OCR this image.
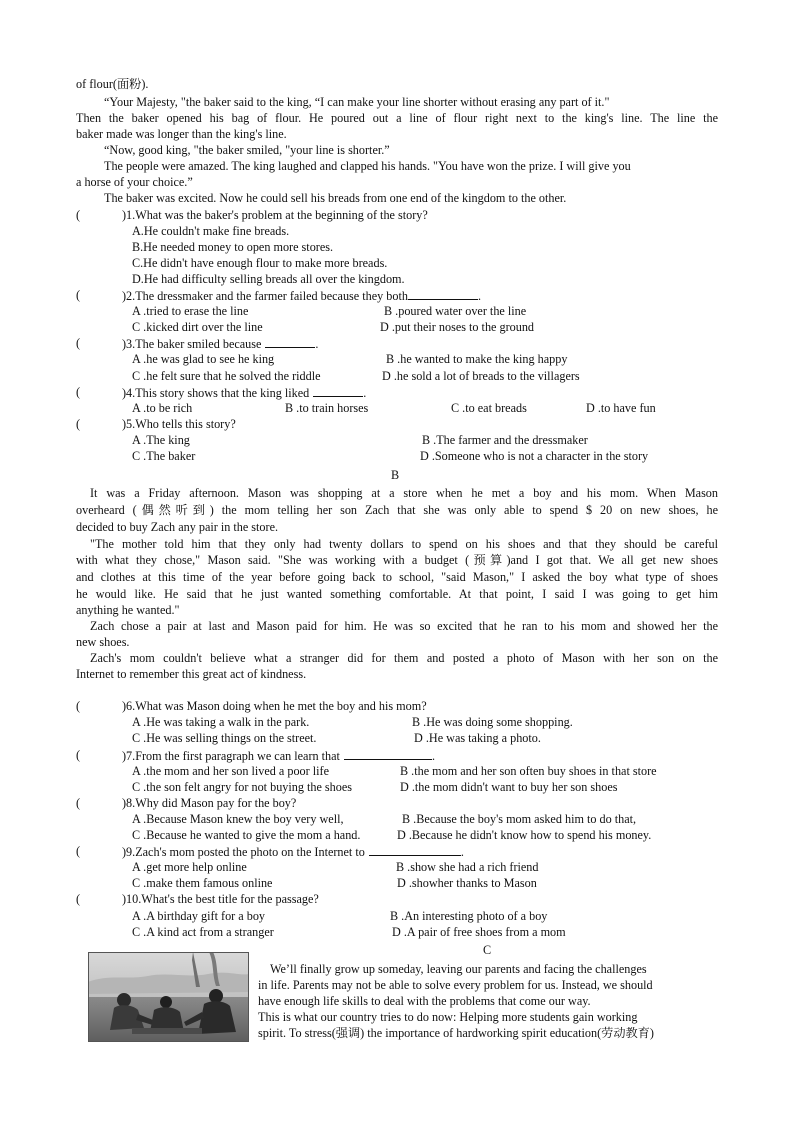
of flour(面粉).
“Your Majesty, "the baker said to the king, “I can make your line shorter without erasing any part of it."
Then the baker opened his bag of flour. He poured out a line of flour right next to the king's line. The line the
baker made was longer than the king's line.
“Now, good king, "the baker smiled, "your line is shorter.”
The people were amazed. The king laughed and clapped his hands. "You have won the prize. I will give you
a horse of your choice.”
The baker was excited. Now he could sell his breads from one end of the kingdom to the other.
(	)1.What was the baker's problem at the beginning of the story?
A.He couldn't make fine breads.
B.He needed money to open more stores.
C.He didn't have enough flour to make more breads.
D.He had difficulty selling breads all over the kingdom.
(	)2.The dressmaker and the farmer failed because they both	.
A .tried to erase the line	B .poured water over the line
C .kicked dirt over the line	D .put their noses to the ground
(	)3.The baker smiled because	.
A .he was glad to see he king	B .he wanted to make the king happy
C .he felt sure that he solved the riddle	D .he sold a lot of breads to the villagers
(	)4.This story shows that the king liked	.
A .to be rich	B .to train horses	C .to eat breads	D .to have fun
(	)5.Who tells this story?
A .The king	B .The farmer and the dressmaker
C .The baker	D .Someone who is not a character in the story
B
It was a Friday afternoon. Mason was shopping at a store when he met a boy and his mom. When Mason
overheard (偶然听到) the mom telling her son Zach that she was only able to spend $ 20 on new shoes, he
decided to buy Zach any pair in the store.
"The mother told him that they only had twenty dollars to spend on his shoes and that they should be careful
with what they chose," Mason said. "She was working with a budget (预算)and I got that. We all get new shoes
and clothes at this time of the year before going back to school, "said Mason," I asked the boy what type of shoes
he would like. He said that he just wanted something comfortable. At that point, I said I was going to get him
anything he wanted."
Zach chose a pair at last and Mason paid for him. He was so excited that he ran to his mom and showed her the
new shoes.
Zach's mom couldn't believe what a stranger did for them and posted a photo of Mason with her son on the
Internet to remember this great act of kindness.
(	)6.What was Mason doing when he met the boy and his mom?
A .He was taking a walk in the park.	B .He was doing some shopping.
C .He was selling things on the street.	D .He was taking a photo.
(	)7.From the first paragraph we can learn that	.
A .the mom and her son lived a poor life	B .the mom and her son often buy shoes in that store
C .the son felt angry for not buying the shoes	D .the mom didn't want to buy her son shoes
(	)8.Why did Mason pay for the boy?
A .Because Mason knew the boy very well,	B .Because the boy's mom asked him to do that,
C .Because he wanted to give the mom a hand.	D .Because he didn't know how to spend his money.
(	)9.Zach's mom posted the photo on the Internet to	.
A .get more help online	B .show she had a rich friend
C .make them famous online	D .showher thanks to Mason
(	)10.What's the best title for the passage?
A .A birthday gift for a boy	B .An interesting photo of a boy
C .A kind act from a stranger	D .A pair of free shoes from a mom
C
We’ll finally grow up someday, leaving our parents and facing the challenges
in life. Parents may not be able to solve every problem for us. Instead, we should
have enough life skills to deal with the problems that come our way.
This is what our country tries to do now: Helping more students gain working
spirit. To stress(强调) the importance of hardworking spirit education(劳动教育)
